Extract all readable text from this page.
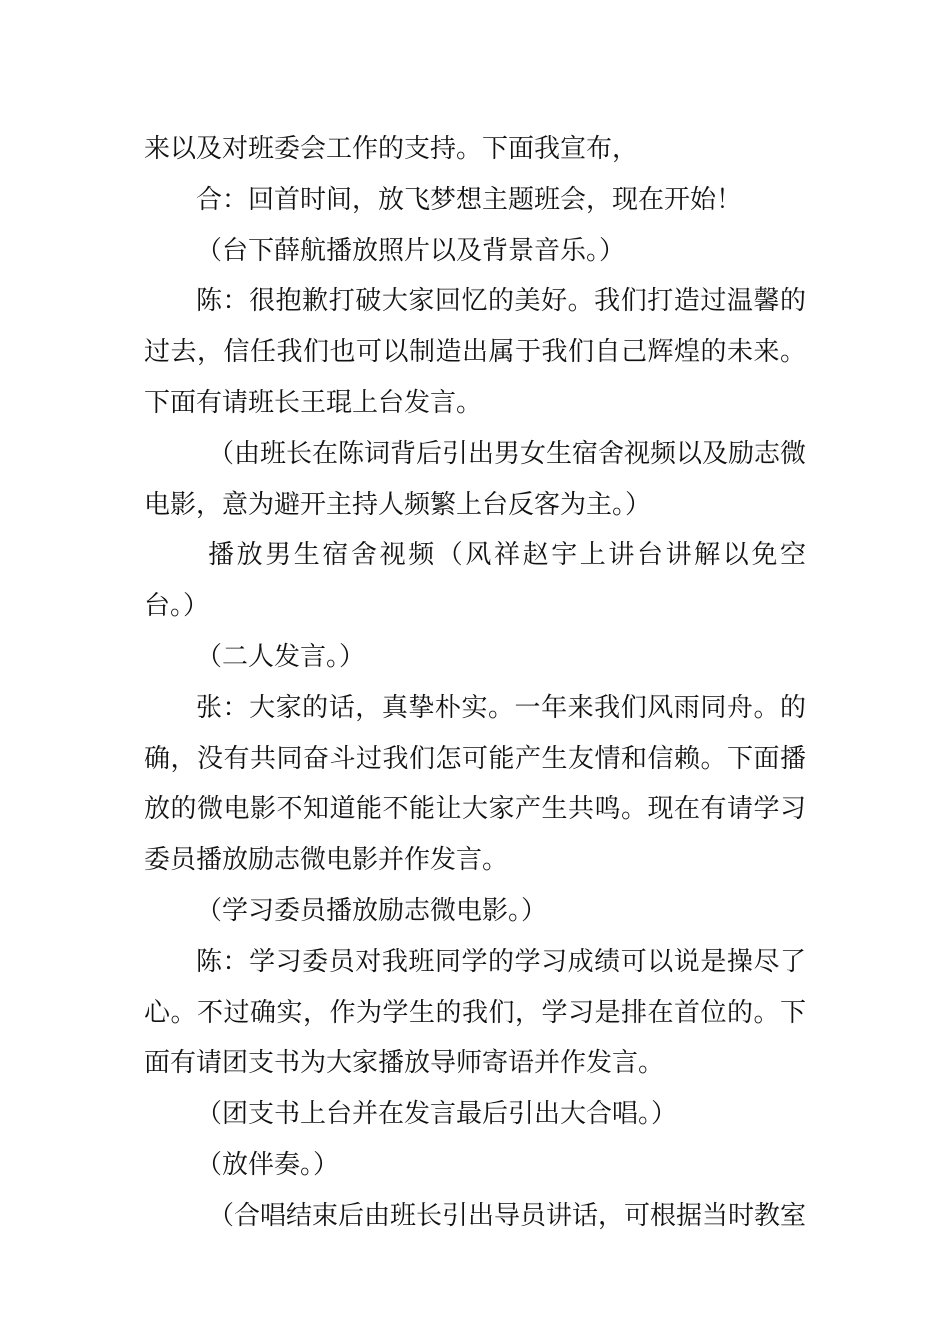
来以及对班委会工作的支持。下面我宣布，
合：回首时间，放飞梦想主题班会，现在开始！
（台下薛航播放照片以及背景音乐。）
陈：很抱歉打破大家回忆的美好。我们打造过温馨的
过去，信任我们也可以制造出属于我们自己辉煌的未来。
下面有请班长王琨上台发言。
（由班长在陈词背后引出男女生宿舍视频以及励志微
电影，意为避开主持人频繁上台反客为主。）
播放男生宿舍视频（风祥赵宇上讲台讲解以免空
台。）
（二人发言。）
张：大家的话，真挚朴实。一年来我们风雨同舟。的
确，没有共同奋斗过我们怎可能产生友情和信赖。下面播
放的微电影不知道能不能让大家产生共鸣。现在有请学习
委员播放励志微电影并作发言。
（学习委员播放励志微电影。）
陈：学习委员对我班同学的学习成绩可以说是操尽了
心。不过确实，作为学生的我们，学习是排在首位的。下
面有请团支书为大家播放导师寄语并作发言。
（团支书上台并在发言最后引出大合唱。）
（放伴奏。）
（合唱结束后由班长引出导员讲话，可根据当时教室
